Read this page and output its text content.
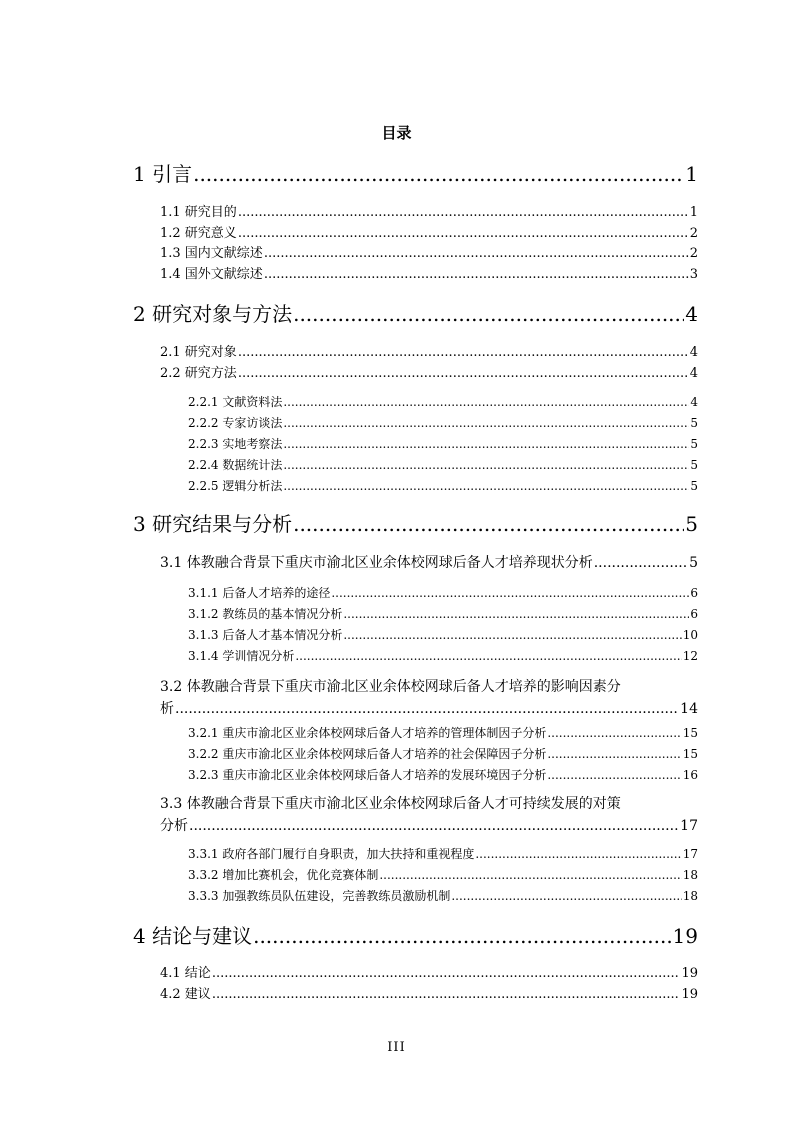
目录
1 引言 .....	1
1.1 研究目的 .....	1
1.2 研究意义 .....	2
1.3 国内文献综述 .....	2
1.4 国外文献综述 .....	3
2 研究对象与方法 .....	4
2.1 研究对象 .....	4
2.2 研究方法 .....	4
2.2.1 文献资料法 .....	4
2.2.2 专家访谈法 .....	5
2.2.3 实地考察法 .....	5
2.2.4 数据统计法 .....	5
2.2.5 逻辑分析法 .....	5
3 研究结果与分析 .....	5
3.1 体教融合背景下重庆市渝北区业余体校网球后备人才培养现状分析 .....	5
3.1.1 后备人才培养的途径 .....	6
3.1.2 教练员的基本情况分析 .....	6
3.1.3 后备人才基本情况分析 .....	10
3.1.4 学训情况分析 .....	12
3.2 体教融合背景下重庆市渝北区业余体校网球后备人才培养的影响因素分
析 .....	14
3.2.1 重庆市渝北区业余体校网球后备人才培养的管理体制因子分析 .....	15
3.2.2 重庆市渝北区业余体校网球后备人才培养的社会保障因子分析 .....	15
3.2.3 重庆市渝北区业余体校网球后备人才培养的发展环境因子分析 .....	16
3.3 体教融合背景下重庆市渝北区业余体校网球后备人才可持续发展的对策
分析 .....	17
3.3.1 政府各部门履行自身职责，加大扶持和重视程度 .....	17
3.3.2 增加比赛机会，优化竞赛体制 .....	18
3.3.3 加强教练员队伍建设，完善教练员激励机制 .....	18
4 结论与建议 .....	19
4.1 结论 .....	19
4.2 建议 .....	19
III
